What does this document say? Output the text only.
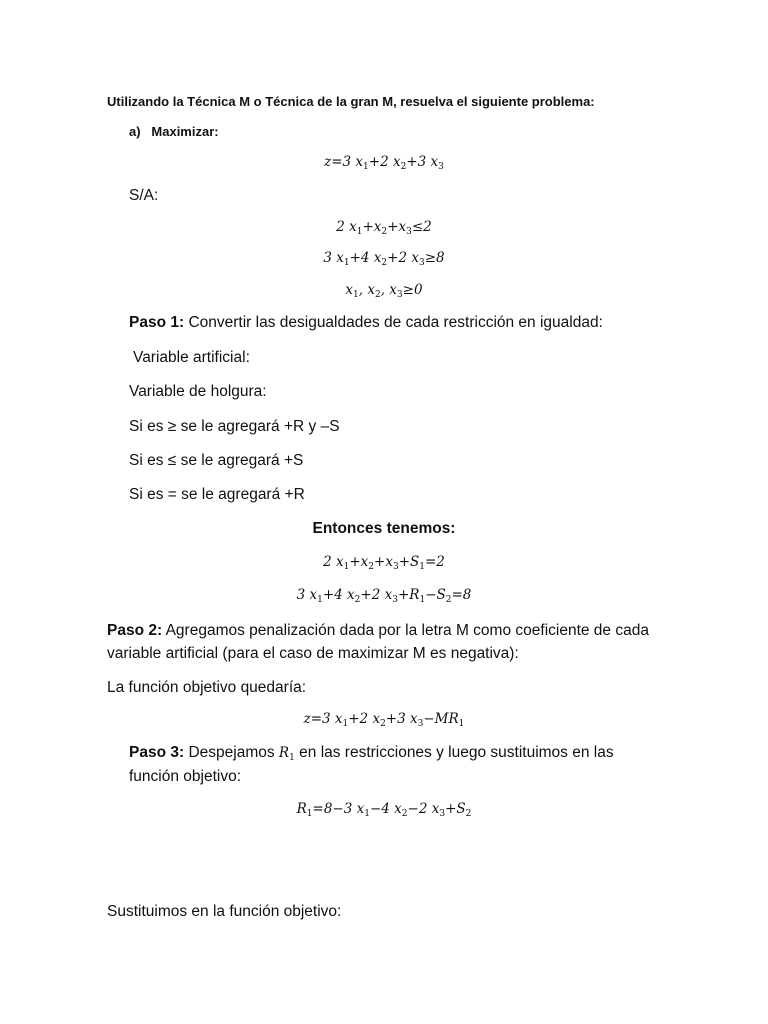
Utilizando la Técnica M o Técnica de la gran M, resuelva el siguiente problema:
a) Maximizar:
z=3 $x_1+2$ $x_2+3$ $x_3$
S/A:
2 $x_1+x_2+x_3\le 2$
3 $x_1+4$ $x_2+2$ $x_3\ge 8$
$x_1$, $x_2$, $x_3\ge 0$
Paso 1: Convertir las desigualdades de cada restricción en igualdad:
Variable artificial:
Variable de holgura:
Si es ≥ se le agregará +R y –S
Si es ≤ se le agregará +S
Si es = se le agregará +R
Entonces tenemos:
2 $x_1+x_2+x_3+S_1=2$
3 $x_1+4$ $x_2+2$ $x_3+R_1-S_2=8$
Paso 2: Agregamos penalización dada por la letra M como coeficiente de cada variable artificial (para el caso de maximizar M es negativa):
La función objetivo quedaría:
z=3 $x_1+2$ $x_2+3$ $x_3-MR_1$
Paso 3: Despejamos $R_1$ en las restricciones y luego sustituimos en las función objetivo:
$R_1=8-3$ $x_1-4$ $x_2-2$ $x_3+S_2$
Sustituimos en la función objetivo:
